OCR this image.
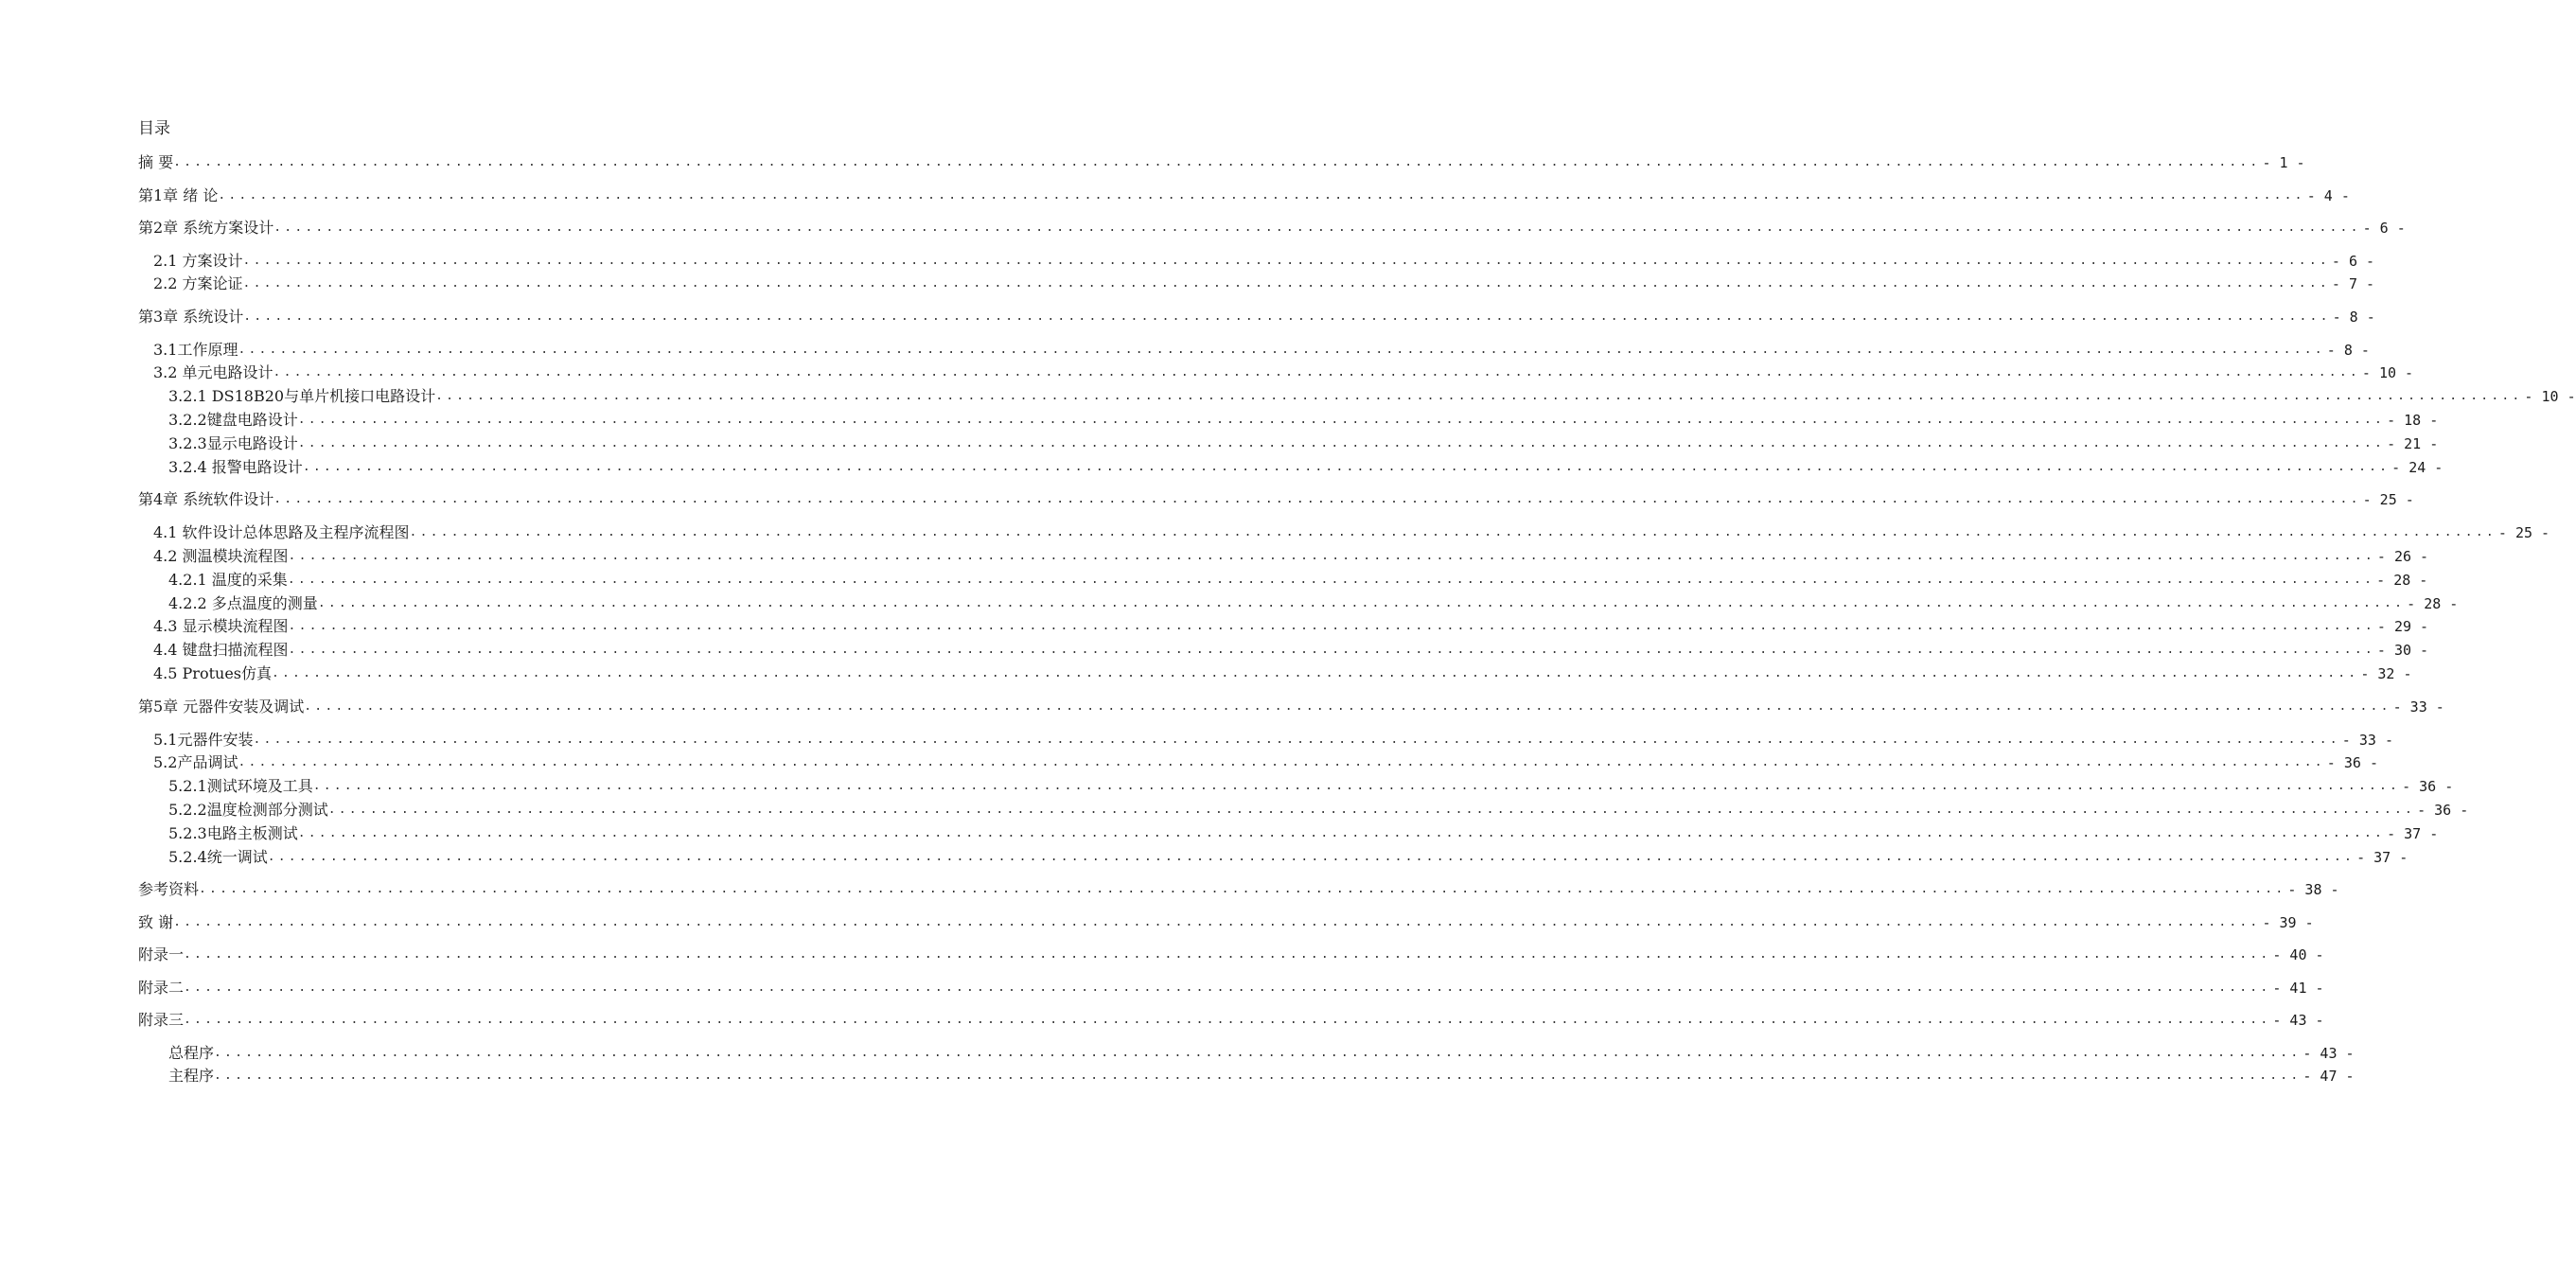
目录
摘 要 ........................................................................................................................................................................................................ - 1 -
第1章 绪 论 ........................................................................................................................................................................................................ - 4 -
第2章 系统方案设计 ........................................................................................................................................................................................................ - 6 -
2.1 方案设计 ........................................................................................................................................................................................................ - 6 -
2.2 方案论证 ........................................................................................................................................................................................................ - 7 -
第3章 系统设计 ........................................................................................................................................................................................................ - 8 -
3.1工作原理 ........................................................................................................................................................................................................ - 8 -
3.2 单元电路设计 ........................................................................................................................................................................................................ - 10 -
3.2.1 DS18B20与单片机接口电路设计 ........................................................................................................................................................................................................ - 10 -
3.2.2键盘电路设计 ........................................................................................................................................................................................................ - 18 -
3.2.3显示电路设计 ........................................................................................................................................................................................................ - 21 -
3.2.4 报警电路设计 ........................................................................................................................................................................................................ - 24 -
第4章 系统软件设计 ........................................................................................................................................................................................................ - 25 -
4.1 软件设计总体思路及主程序流程图 ........................................................................................................................................................................................................ - 25 -
4.2 测温模块流程图 ........................................................................................................................................................................................................ - 26 -
4.2.1 温度的采集 ........................................................................................................................................................................................................ - 28 -
4.2.2 多点温度的测量 ........................................................................................................................................................................................................ - 28 -
4.3 显示模块流程图 ........................................................................................................................................................................................................ - 29 -
4.4 键盘扫描流程图 ........................................................................................................................................................................................................ - 30 -
4.5 Protues仿真 ........................................................................................................................................................................................................ - 32 -
第5章 元器件安装及调试 ........................................................................................................................................................................................................ - 33 -
5.1元器件安装 ........................................................................................................................................................................................................ - 33 -
5.2产品调试 ........................................................................................................................................................................................................ - 36 -
5.2.1测试环境及工具 ........................................................................................................................................................................................................ - 36 -
5.2.2温度检测部分测试 ........................................................................................................................................................................................................ - 36 -
5.2.3电路主板测试 ........................................................................................................................................................................................................ - 37 -
5.2.4统一调试 ........................................................................................................................................................................................................ - 37 -
参考资料 ........................................................................................................................................................................................................ - 38 -
致 谢 ........................................................................................................................................................................................................ - 39 -
附录一 ........................................................................................................................................................................................................ - 40 -
附录二 ........................................................................................................................................................................................................ - 41 -
附录三 ........................................................................................................................................................................................................ - 43 -
总程序 ........................................................................................................................................................................................................ - 43 -
主程序 ........................................................................................................................................................................................................ - 47 -
